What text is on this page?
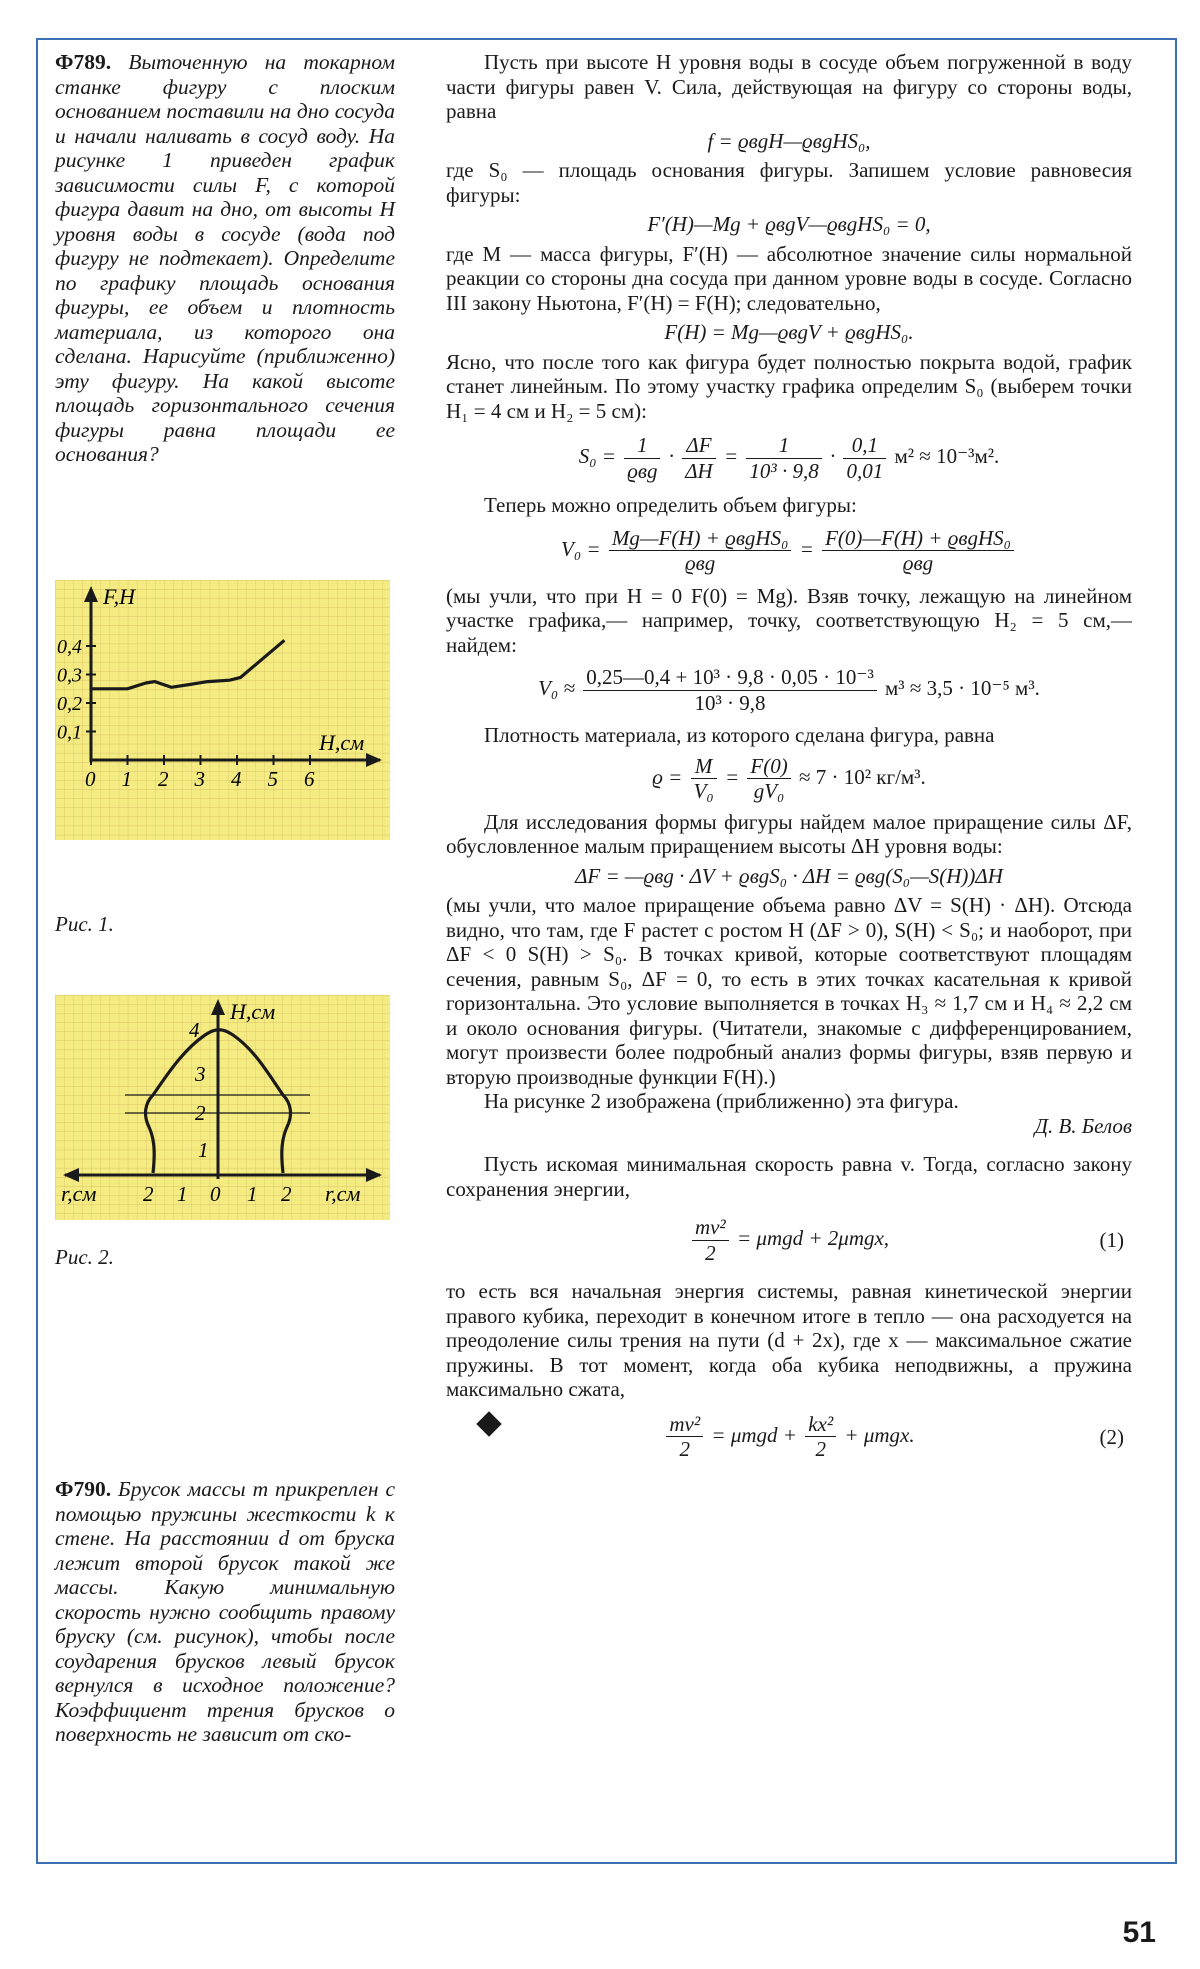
Ф789. Выточенную на токарном станке фигуру с плоским основанием поставили на дно сосуда и начали наливать в сосуд воду. На рисунке 1 приведен график зависимости силы F, с которой фигура давит на дно, от высоты H уровня воды в сосуде (вода под фигуру не подтекает). Определите по графику площадь основания фигуры, ее объем и плотность материала, из которого она сделана. Нарисуйте (приближенно) эту фигуру. На какой высоте площадь горизонтального сечения фигуры равна площади ее основания?

F,Н
H,см
0,4
0,3
0,2
0,1
0 1 2 3 4 5 6
Рис. 1.
4
3
2
1
H,см
r,см	r,см
2 1 0 1 2
Рис. 2.

Ф790. Брусок массы m прикреплен с помощью пружины жесткости k к стене. На расстоянии d от бруска лежит второй брусок такой же массы. Какую минимальную скорость нужно сообщить правому бруску (см. рисунок), чтобы после соударения брусков левый брусок вернулся в исходное положение? Коэффициент трения брусков о поверхность не зависит от ско-

Пусть при высоте H уровня воды в сосуде объем погруженной в воду части фигуры равен V. Сила, действующая на фигуру со стороны воды, равна

f = ϱвgH—ϱвgHS₀,

где S₀ — площадь основания фигуры. Запишем условие равновесия фигуры:

F′(H)—Mg + ϱвgV—ϱвgHS₀ = 0,

где M — масса фигуры, F′(H) — абсолютное значение силы нормальной реакции со стороны дна сосуда при данном уровне воды в сосуде. Согласно III закону Ньютона, F′(H) = F(H); следовательно,

F(H) = Mg—ϱвgV + ϱвgHS₀.

Ясно, что после того как фигура будет полностью покрыта водой, график станет линейным. По этому участку графика определим S₀ (выберем точки H₁ = 4 см и H₂ = 5 см):

$S_0 = \frac{1}{\text{ϱвg}} \cdot \frac{\Delta F}{\Delta H} = \frac{1}{\text{10³ · 9,8}} \cdot \frac{0,1}{0,01} м^2 \approx 10^{-3}м^2$.

Теперь можно определить объем фигуры:

$V_0 = \frac{\text{Mg—F(H) + ϱвgHS₀}}{\text{ϱвg}} = \frac{\text{F(0)—F(H) + ϱвgHS₀}}{\text{ϱвg}}$

(мы учли, что при H = 0 F(0) = Mg). Взяв точку, лежащую на линейном участке графика,— например, точку, соответствующую H₂ = 5 см,— найдем:

$V_0 \approx \frac{\text{0,25—0,4 + 10³ · 9,8 · 0,05 · 10⁻³}}{\text{10³ · 9,8}} м^3 \approx 3,5 \cdot 10^{-5}$ м³.

Плотность материала, из которого сделана фигура, равна

$ϱ = \frac{M}{\text{V₀}} = \frac{F(0)}{\text{gV₀}} \approx 7 \cdot 10^2$ кг/м³.

Для исследования формы фигуры найдем малое приращение силы ΔF, обусловленное малым приращением высоты ΔH уровня воды:

ΔF = —ϱвg · ΔV + ϱвgS₀ · ΔH = ϱвg(S₀—S(H))ΔH

(мы учли, что малое приращение объема равно ΔV = S(H) · ΔH). Отсюда видно, что там, где F растет с ростом H (ΔF > 0), S(H) < S₀; и наоборот, при ΔF < 0 S(H) > S₀. В точках кривой, которые соответствуют площадям сечения, равным S₀, ΔF = 0, то есть в этих точках касательная к кривой горизонтальна. Это условие выполняется в точках H₃ ≈ 1,7 см и H₄ ≈ 2,2 см и около основания фигуры. (Читатели, знакомые с дифференцированием, могут произвести более подробный анализ формы фигуры, взяв первую и вторую производные функции F(H).)

На рисунке 2 изображена (приближенно) эта фигура.

Д. В. Белов

Пусть искомая минимальная скорость равна v. Тогда, согласно закону сохранения энергии,

$\frac{\text{mv²}}{2} = \mu mgd + 2\mu mgx$,	(1)

то есть вся начальная энергия системы, равная кинетической энергии правого кубика, переходит в конечном итоге в тепло — она расходуется на преодоление силы трения на пути (d + 2x), где x — максимальное сжатие пружины. В тот момент, когда оба кубика неподвижны, а пружина максимально сжата,

$\frac{\text{mv²}}{2} = \mu mgd + \frac{\text{kx²}}{2} + \mu mgx$.	(2)
51
